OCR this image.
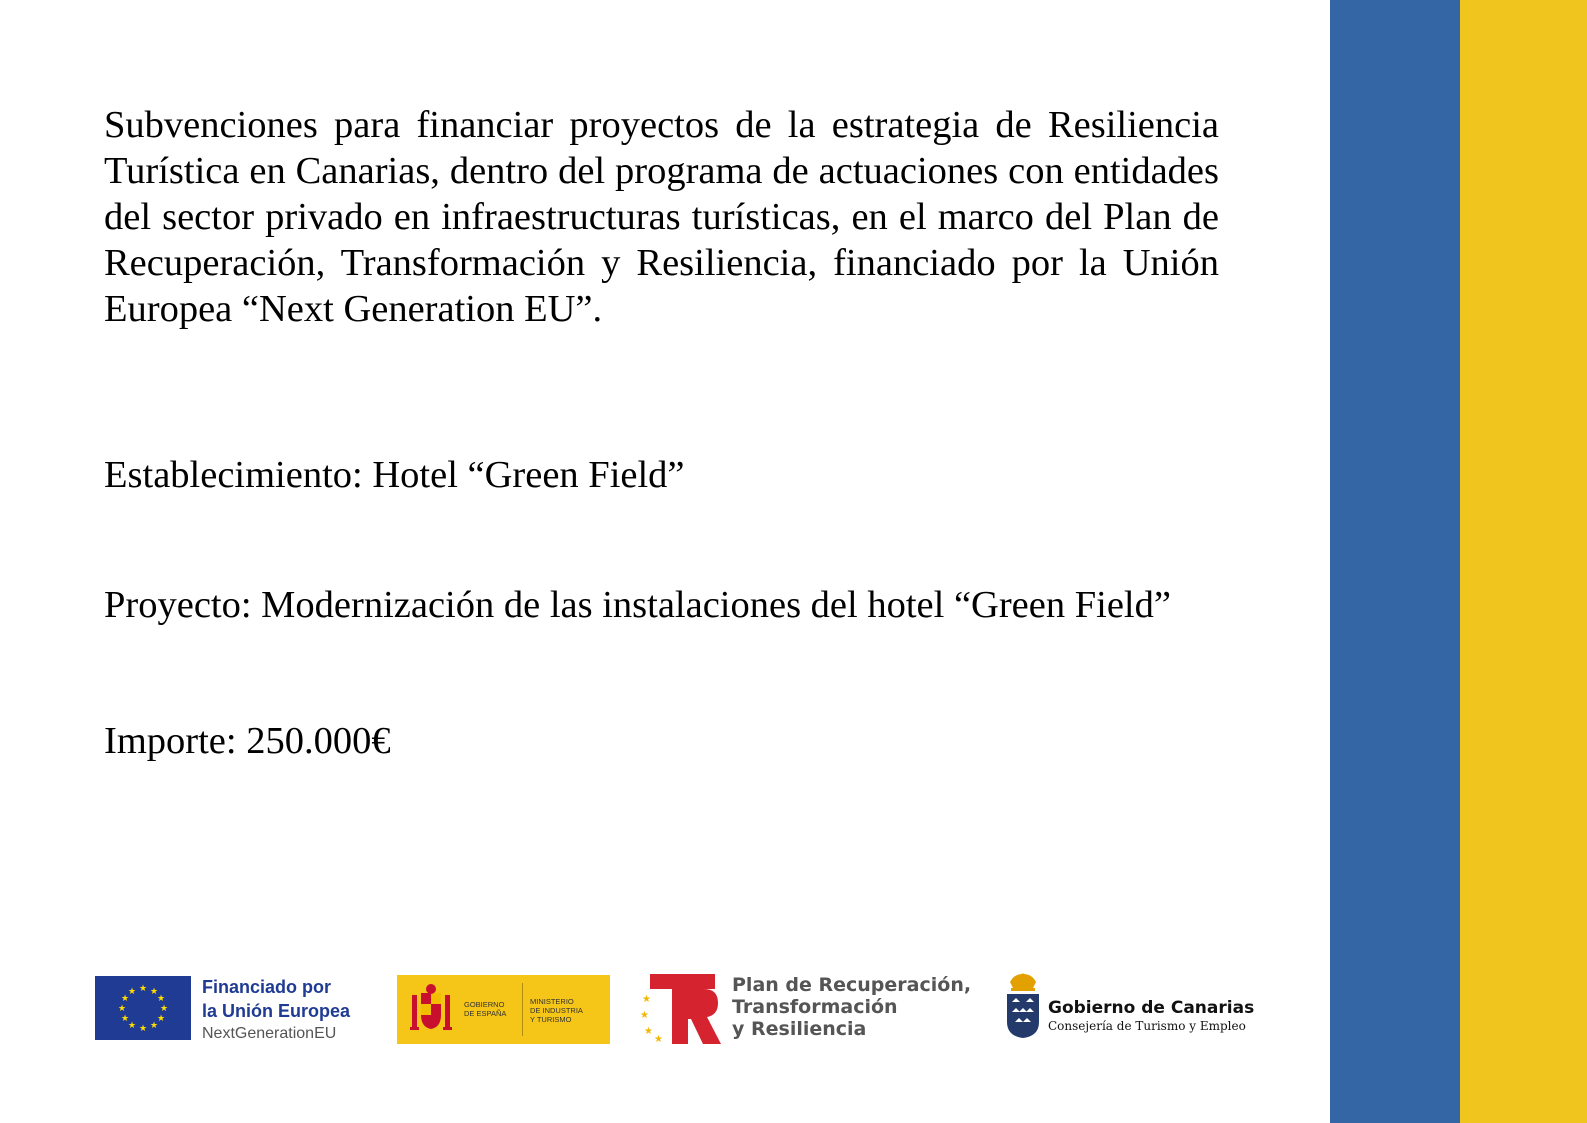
Subvenciones para financiar proyectos de la estrategia de Resiliencia Turística en Canarias, dentro del programa de actuaciones con entidades del sector privado en infraestructuras turísticas, en el marco del Plan de Recuperación, Transformación y Resiliencia, financiado por la Unión Europea “Next Generation EU”.

Establecimiento: Hotel “Green Field”

Proyecto: Modernización de las instalaciones del hotel “Green Field”

Importe: 250.000€

★ ★
★
★
★
★
★
★
★
★
★
★	Financiado por
la Unión Europea
NextGenerationEU
GOBIERNO
DE ESPAÑA
MINISTERIO
DE INDUSTRIA
Y TURISMO
★
★
★
★
Plan de Recuperación,
Transformación
y Resiliencia
Gobierno de Canarias
Consejería de Turismo y Empleo
